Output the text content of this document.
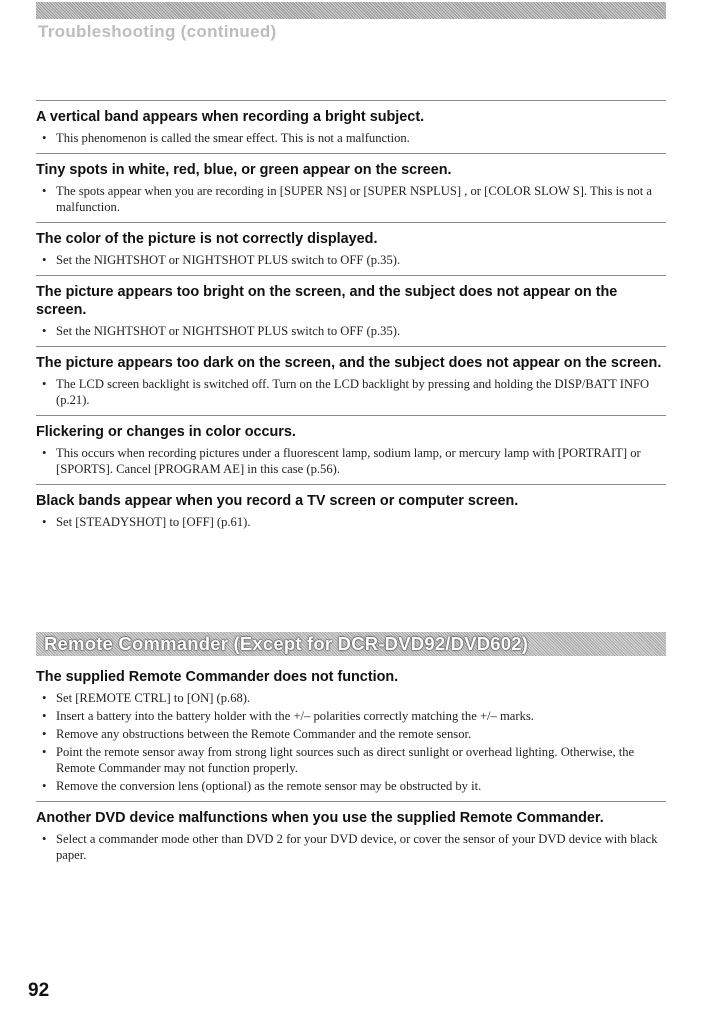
Troubleshooting (continued)

A vertical band appears when recording a bright subject.

• This phenomenon is called the smear effect. This is not a malfunction.

Tiny spots in white, red, blue, or green appear on the screen.

• The spots appear when you are recording in [SUPER NS] or [SUPER NSPLUS] , or [COLOR SLOW S]. This is not a malfunction.

The color of the picture is not correctly displayed.

• Set the NIGHTSHOT or NIGHTSHOT PLUS switch to OFF (p.35).

The picture appears too bright on the screen, and the subject does not appear on the screen.

• Set the NIGHTSHOT or NIGHTSHOT PLUS switch to OFF (p.35).

The picture appears too dark on the screen, and the subject does not appear on the screen.

• The LCD screen backlight is switched off. Turn on the LCD backlight by pressing and holding the DISP/BATT INFO (p.21).

Flickering or changes in color occurs.

• This occurs when recording pictures under a fluorescent lamp, sodium lamp, or mercury lamp with [PORTRAIT] or [SPORTS]. Cancel [PROGRAM AE] in this case (p.56).

Black bands appear when you record a TV screen or computer screen.

• Set [STEADYSHOT] to [OFF] (p.61).
Remote Commander (Except for DCR-DVD92/DVD602)

The supplied Remote Commander does not function.

• Set [REMOTE CTRL] to [ON] (p.68).
• Insert a battery into the battery holder with the +/– polarities correctly matching the +/– marks.
• Remove any obstructions between the Remote Commander and the remote sensor.
• Point the remote sensor away from strong light sources such as direct sunlight or overhead lighting. Otherwise, the Remote Commander may not function properly.
• Remove the conversion lens (optional) as the remote sensor may be obstructed by it.

Another DVD device malfunctions when you use the supplied Remote Commander.

• Select a commander mode other than DVD 2 for your DVD device, or cover the sensor of your DVD device with black paper.
92
